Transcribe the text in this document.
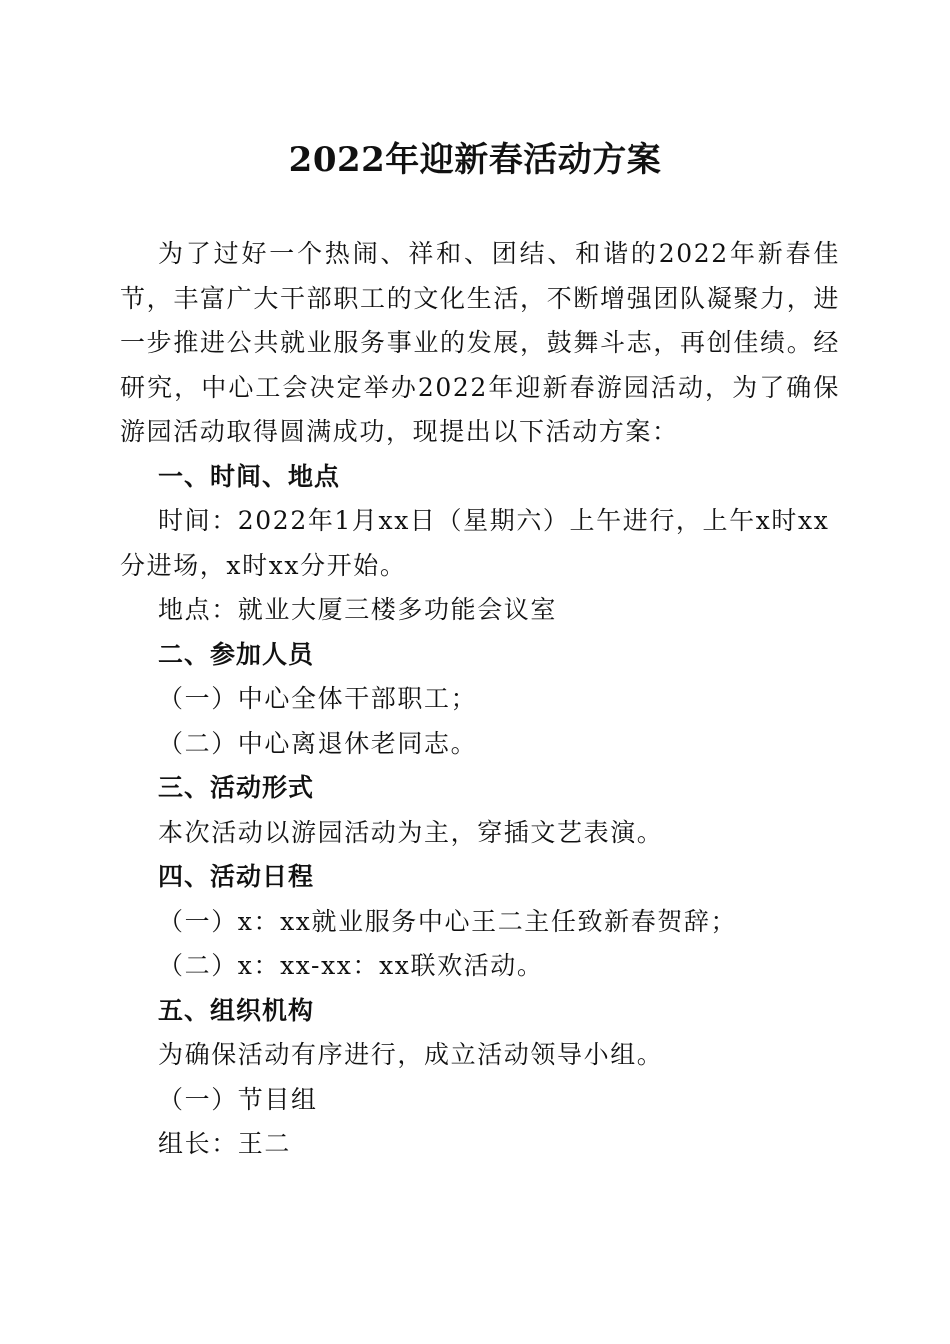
2022年迎新春活动方案

为了过好一个热闹、祥和、团结、和谐的2022年新春佳节，丰富广大干部职工的文化生活，不断增强团队凝聚力，进一步推进公共就业服务事业的发展，鼓舞斗志，再创佳绩。经研究，中心工会决定举办2022年迎新春游园活动，为了确保游园活动取得圆满成功，现提出以下活动方案：

一、时间、地点

时间：2022年1月xx日（星期六）上午进行，上午x时xx分进场，x时xx分开始。

地点：就业大厦三楼多功能会议室

二、参加人员

（一）中心全体干部职工；

（二）中心离退休老同志。

三、活动形式

本次活动以游园活动为主，穿插文艺表演。

四、活动日程

（一）x：xx就业服务中心王二主任致新春贺辞；

（二）x：xx-xx：xx联欢活动。

五、组织机构

为确保活动有序进行，成立活动领导小组。

（一）节目组

组长：王二
